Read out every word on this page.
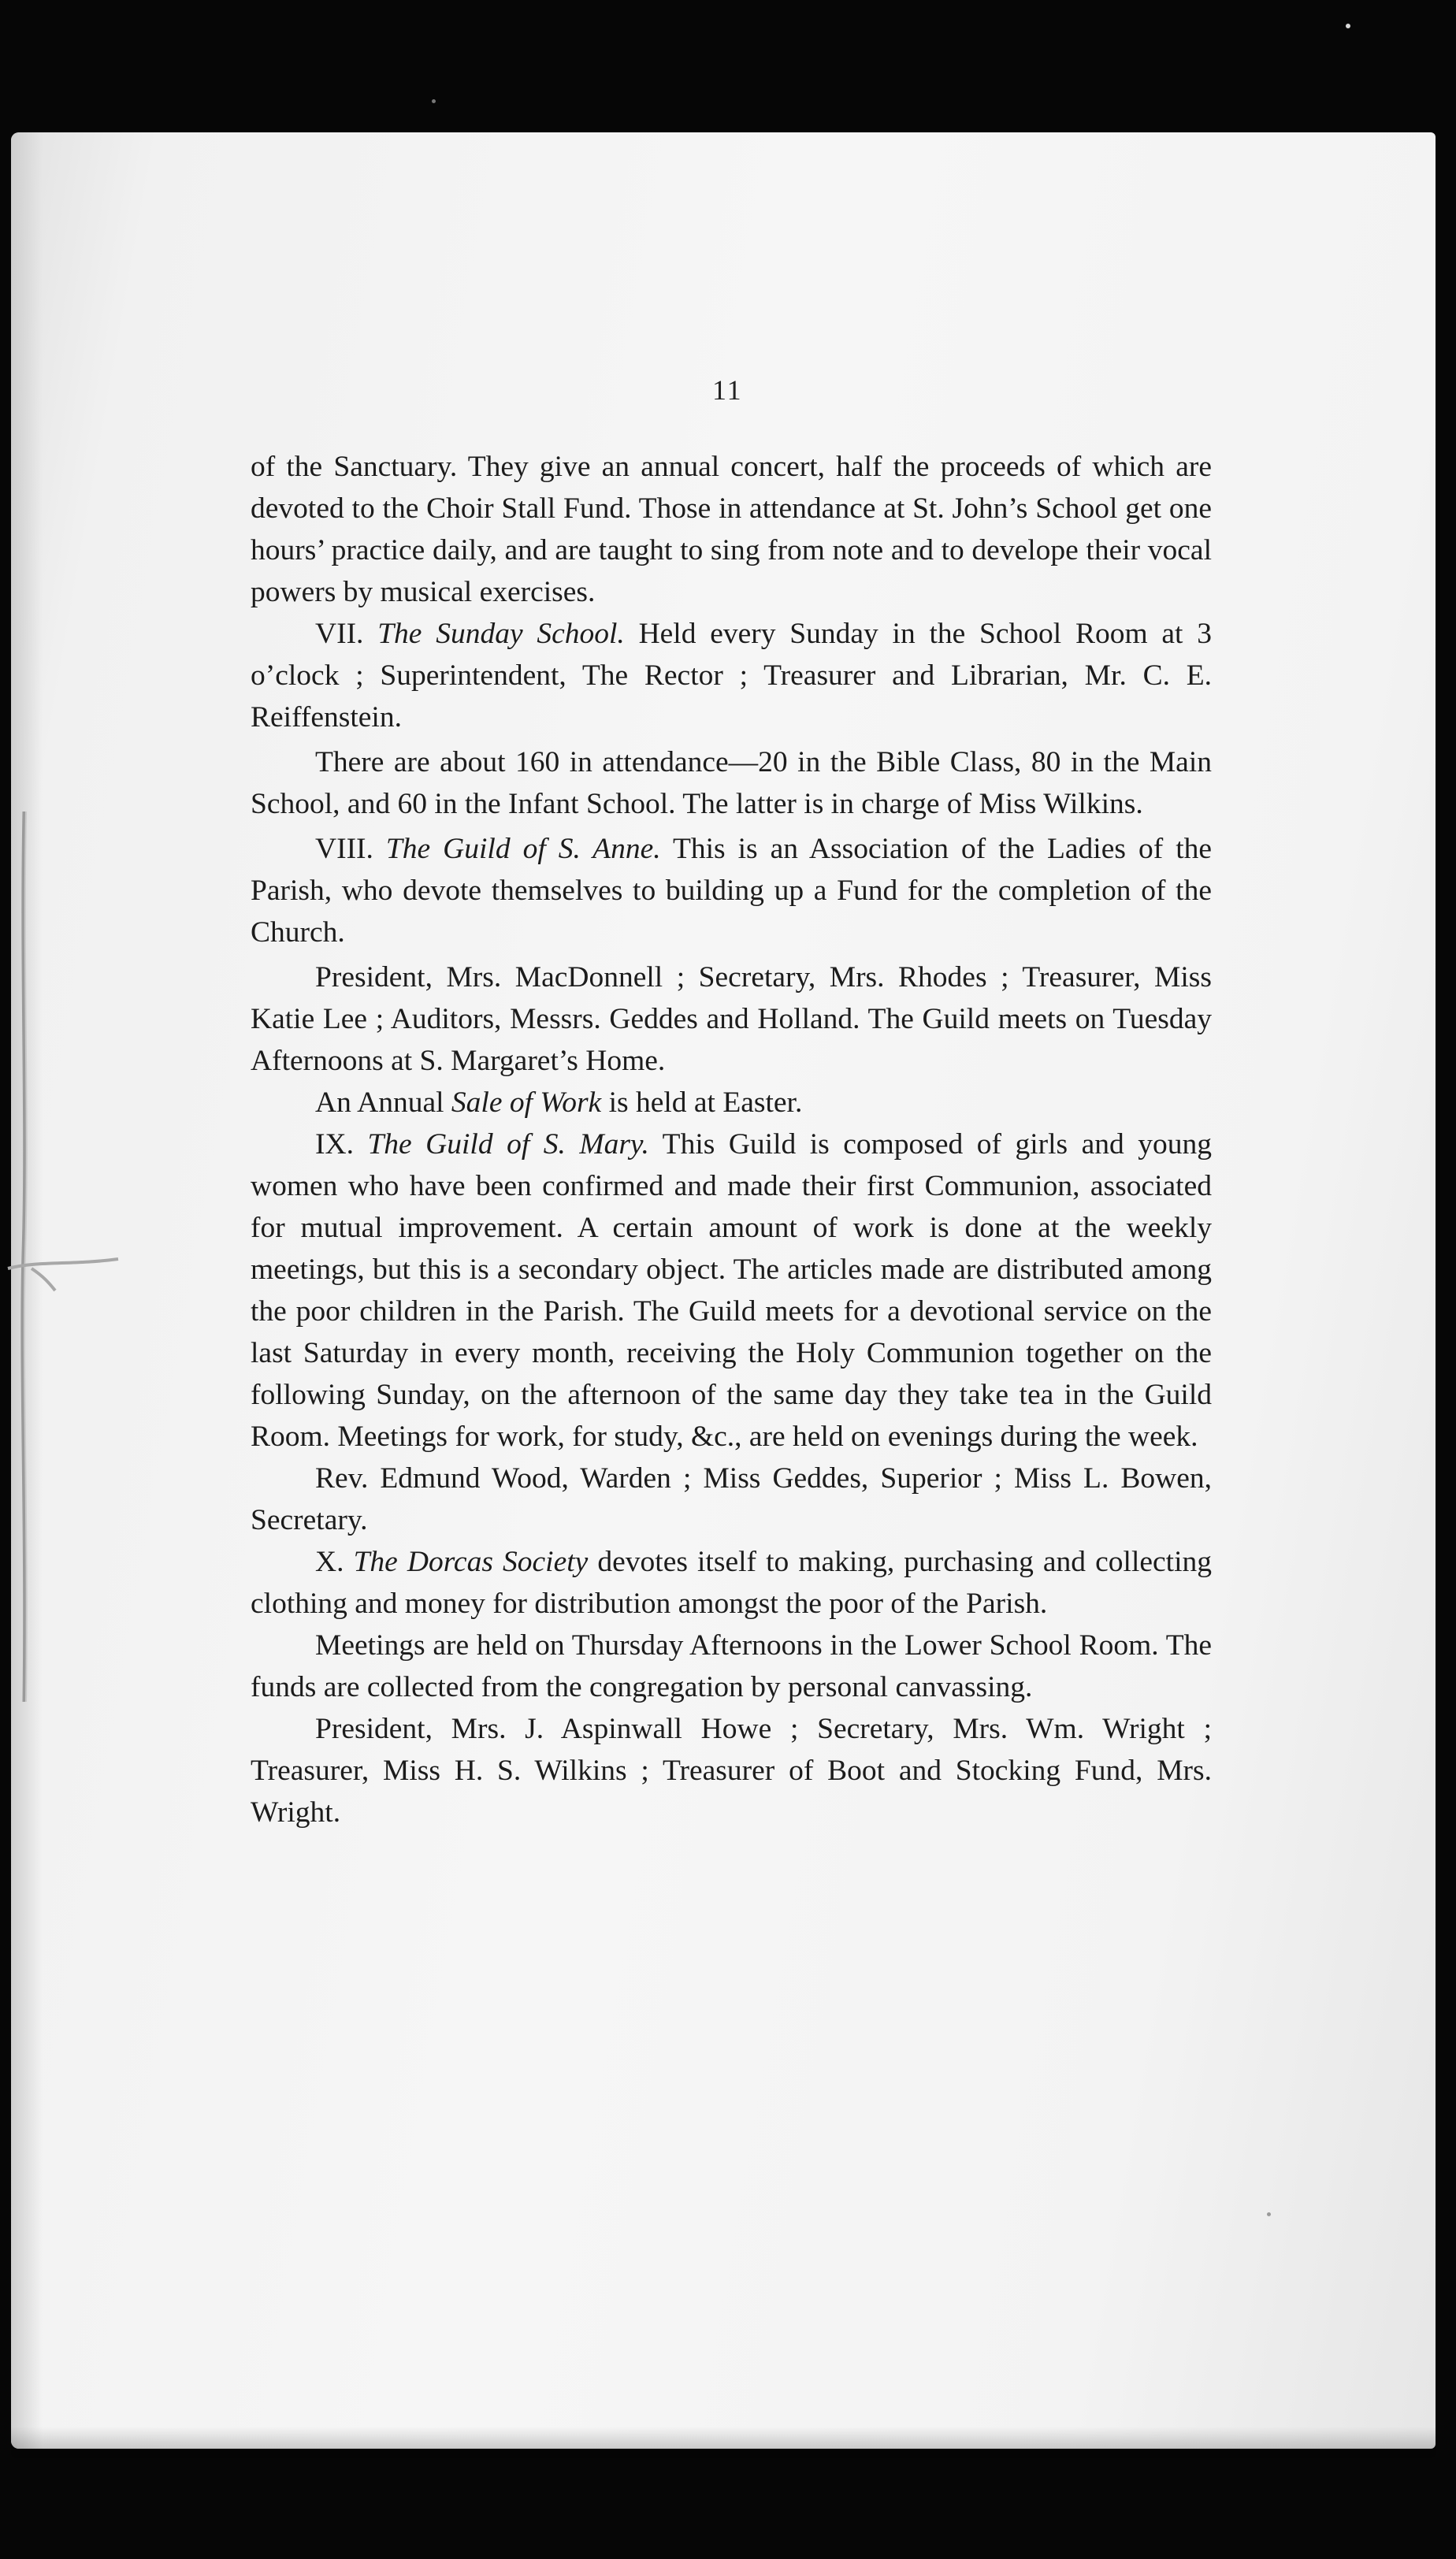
11

of the Sanctuary. They give an annual concert, half the proceeds of which are devoted to the Choir Stall Fund. Those in attendance at St. John’s School get one hours’ practice daily, and are taught to sing from note and to develope their vocal powers by musical exercises.

VII. The Sunday School. Held every Sunday in the School Room at 3 o’clock ; Superintendent, The Rector ; Treasurer and Librarian, Mr. C. E. Reiffenstein.

There are about 160 in attendance—20 in the Bible Class, 80 in the Main School, and 60 in the Infant School. The latter is in charge of Miss Wilkins.

VIII. The Guild of S. Anne. This is an Association of the Ladies of the Parish, who devote themselves to building up a Fund for the completion of the Church.

President, Mrs. MacDonnell ; Secretary, Mrs. Rhodes ; Treasurer, Miss Katie Lee ; Auditors, Messrs. Geddes and Holland. The Guild meets on Tuesday Afternoons at S. Margaret’s Home.

An Annual Sale of Work is held at Easter.

IX. The Guild of S. Mary. This Guild is composed of girls and young women who have been confirmed and made their first Communion, associated for mutual improvement. A certain amount of work is done at the weekly meetings, but this is a secondary object. The articles made are distributed among the poor children in the Parish. The Guild meets for a devotional service on the last Saturday in every month, receiving the Holy Communion together on the following Sunday, on the afternoon of the same day they take tea in the Guild Room. Meetings for work, for study, &c., are held on evenings during the week.

Rev. Edmund Wood, Warden ; Miss Geddes, Superior ; Miss L. Bowen, Secretary.

X. The Dorcas Society devotes itself to making, purchasing and collecting clothing and money for distribution amongst the poor of the Parish.

Meetings are held on Thursday Afternoons in the Lower School Room. The funds are collected from the congregation by personal canvassing.

President, Mrs. J. Aspinwall Howe ; Secretary, Mrs. Wm. Wright ; Treasurer, Miss H. S. Wilkins ; Treasurer of Boot and Stocking Fund, Mrs. Wright.
